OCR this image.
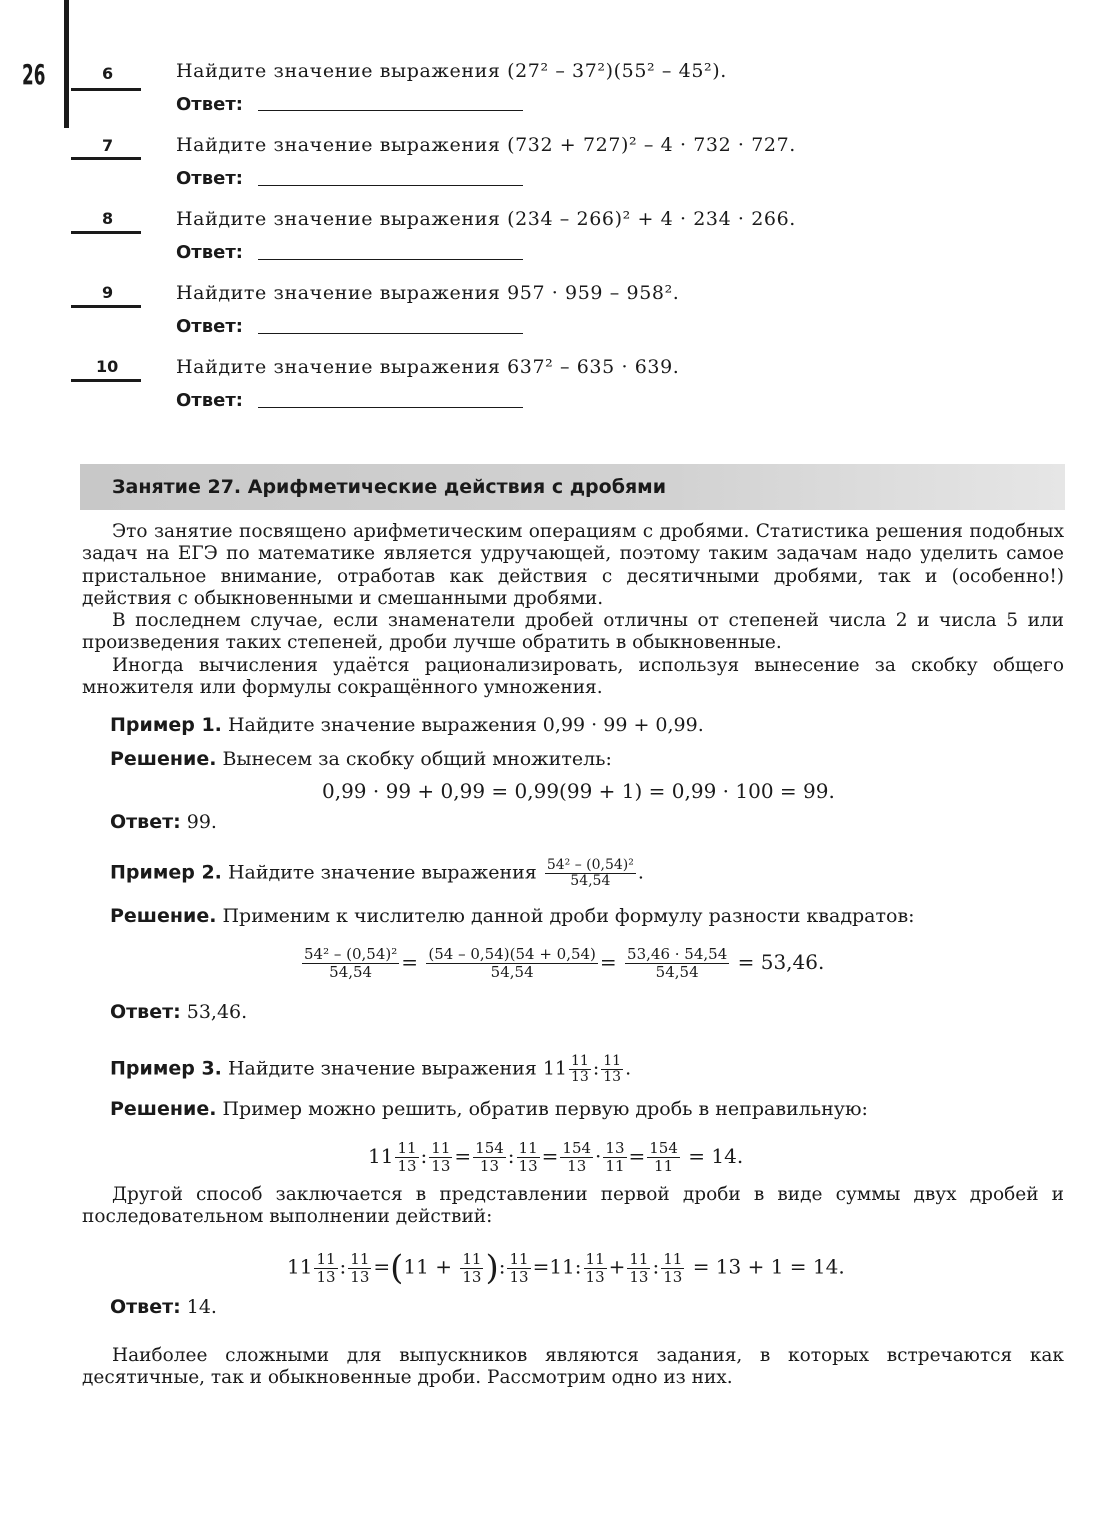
26	6	Найдите значение выражения (27² – 37²)(55² – 45²).
Ответ:
7	Найдите значение выражения (732 + 727)² – 4 · 732 · 727.
Ответ:
8	Найдите значение выражения (234 – 266)² + 4 · 234 · 266.
Ответ:
9	Найдите значение выражения 957 · 959 – 958².
Ответ:
10	Найдите значение выражения 637² – 635 · 639.
Ответ:
Занятие 27. Арифметические действия с дробями

Это занятие посвящено арифметическим операциям с дробями. Статистика решения подобных задач на ЕГЭ по математике является удручающей, поэтому таким задачам надо уделить самое пристальное внимание, отработав как действия с десятичными дробями, так и (особенно!) действия с обыкновенными и смешанными дробями.

В последнем случае, если знаменатели дробей отличны от степеней числа 2 и числа 5 или произведения таких степеней, дроби лучше обратить в обыкновенные.

Иногда вычисления удаётся рационализировать, используя вынесение за скобку общего множителя или формулы сокращённого умножения.

Пример 1. Найдите значение выражения 0,99 · 99 + 0,99.
Решение. Вынесем за скобку общий множитель:
0,99 · 99 + 0,99 = 0,99(99 + 1) = 0,99 · 100 = 99.
Ответ: 99.
Пример 2. Найдите значение выражения $\frac{\text{54² – (0,54)²}}{54,54}$ .
Решение. Применим к числителю данной дроби формулу разности квадратов:
$\frac{\text{54² – (0,54)²}}{54,54} = \frac{(54 - 0,54)(54 + 0,54)}{54,54} = \frac{53,46 \cdot 54,54}{54,54} = 53,46$.
Ответ: 53,46.
Пример 3. Найдите значение выражения $11 \frac{11}{13}$ : $\frac{11}{13}$ .
Решение. Пример можно решить, обратив первую дробь в неправильную:
$11 \frac{11}{13}$ : $\frac{11}{13} = \frac{154}{13}$ : $\frac{11}{13} = \frac{154}{13} \cdot \frac{13}{11} = \frac{154}{11} = 14$.

Другой способ заключается в представлении первой дроби в виде суммы двух дробей и последовательном выполнении действий:

$11 \frac{11}{13}$ : $\frac{11}{13} =(11 + \frac{11}{13}$ ): $\frac{11}{13} =11$: $\frac{11}{13} + \frac{11}{13}$ : $\frac{11}{13} = 13 + 1 = 14$.
Ответ: 14.

Наиболее сложными для выпускников являются задания, в которых встречаются как десятичные, так и обыкновенные дроби. Рассмотрим одно из них.
